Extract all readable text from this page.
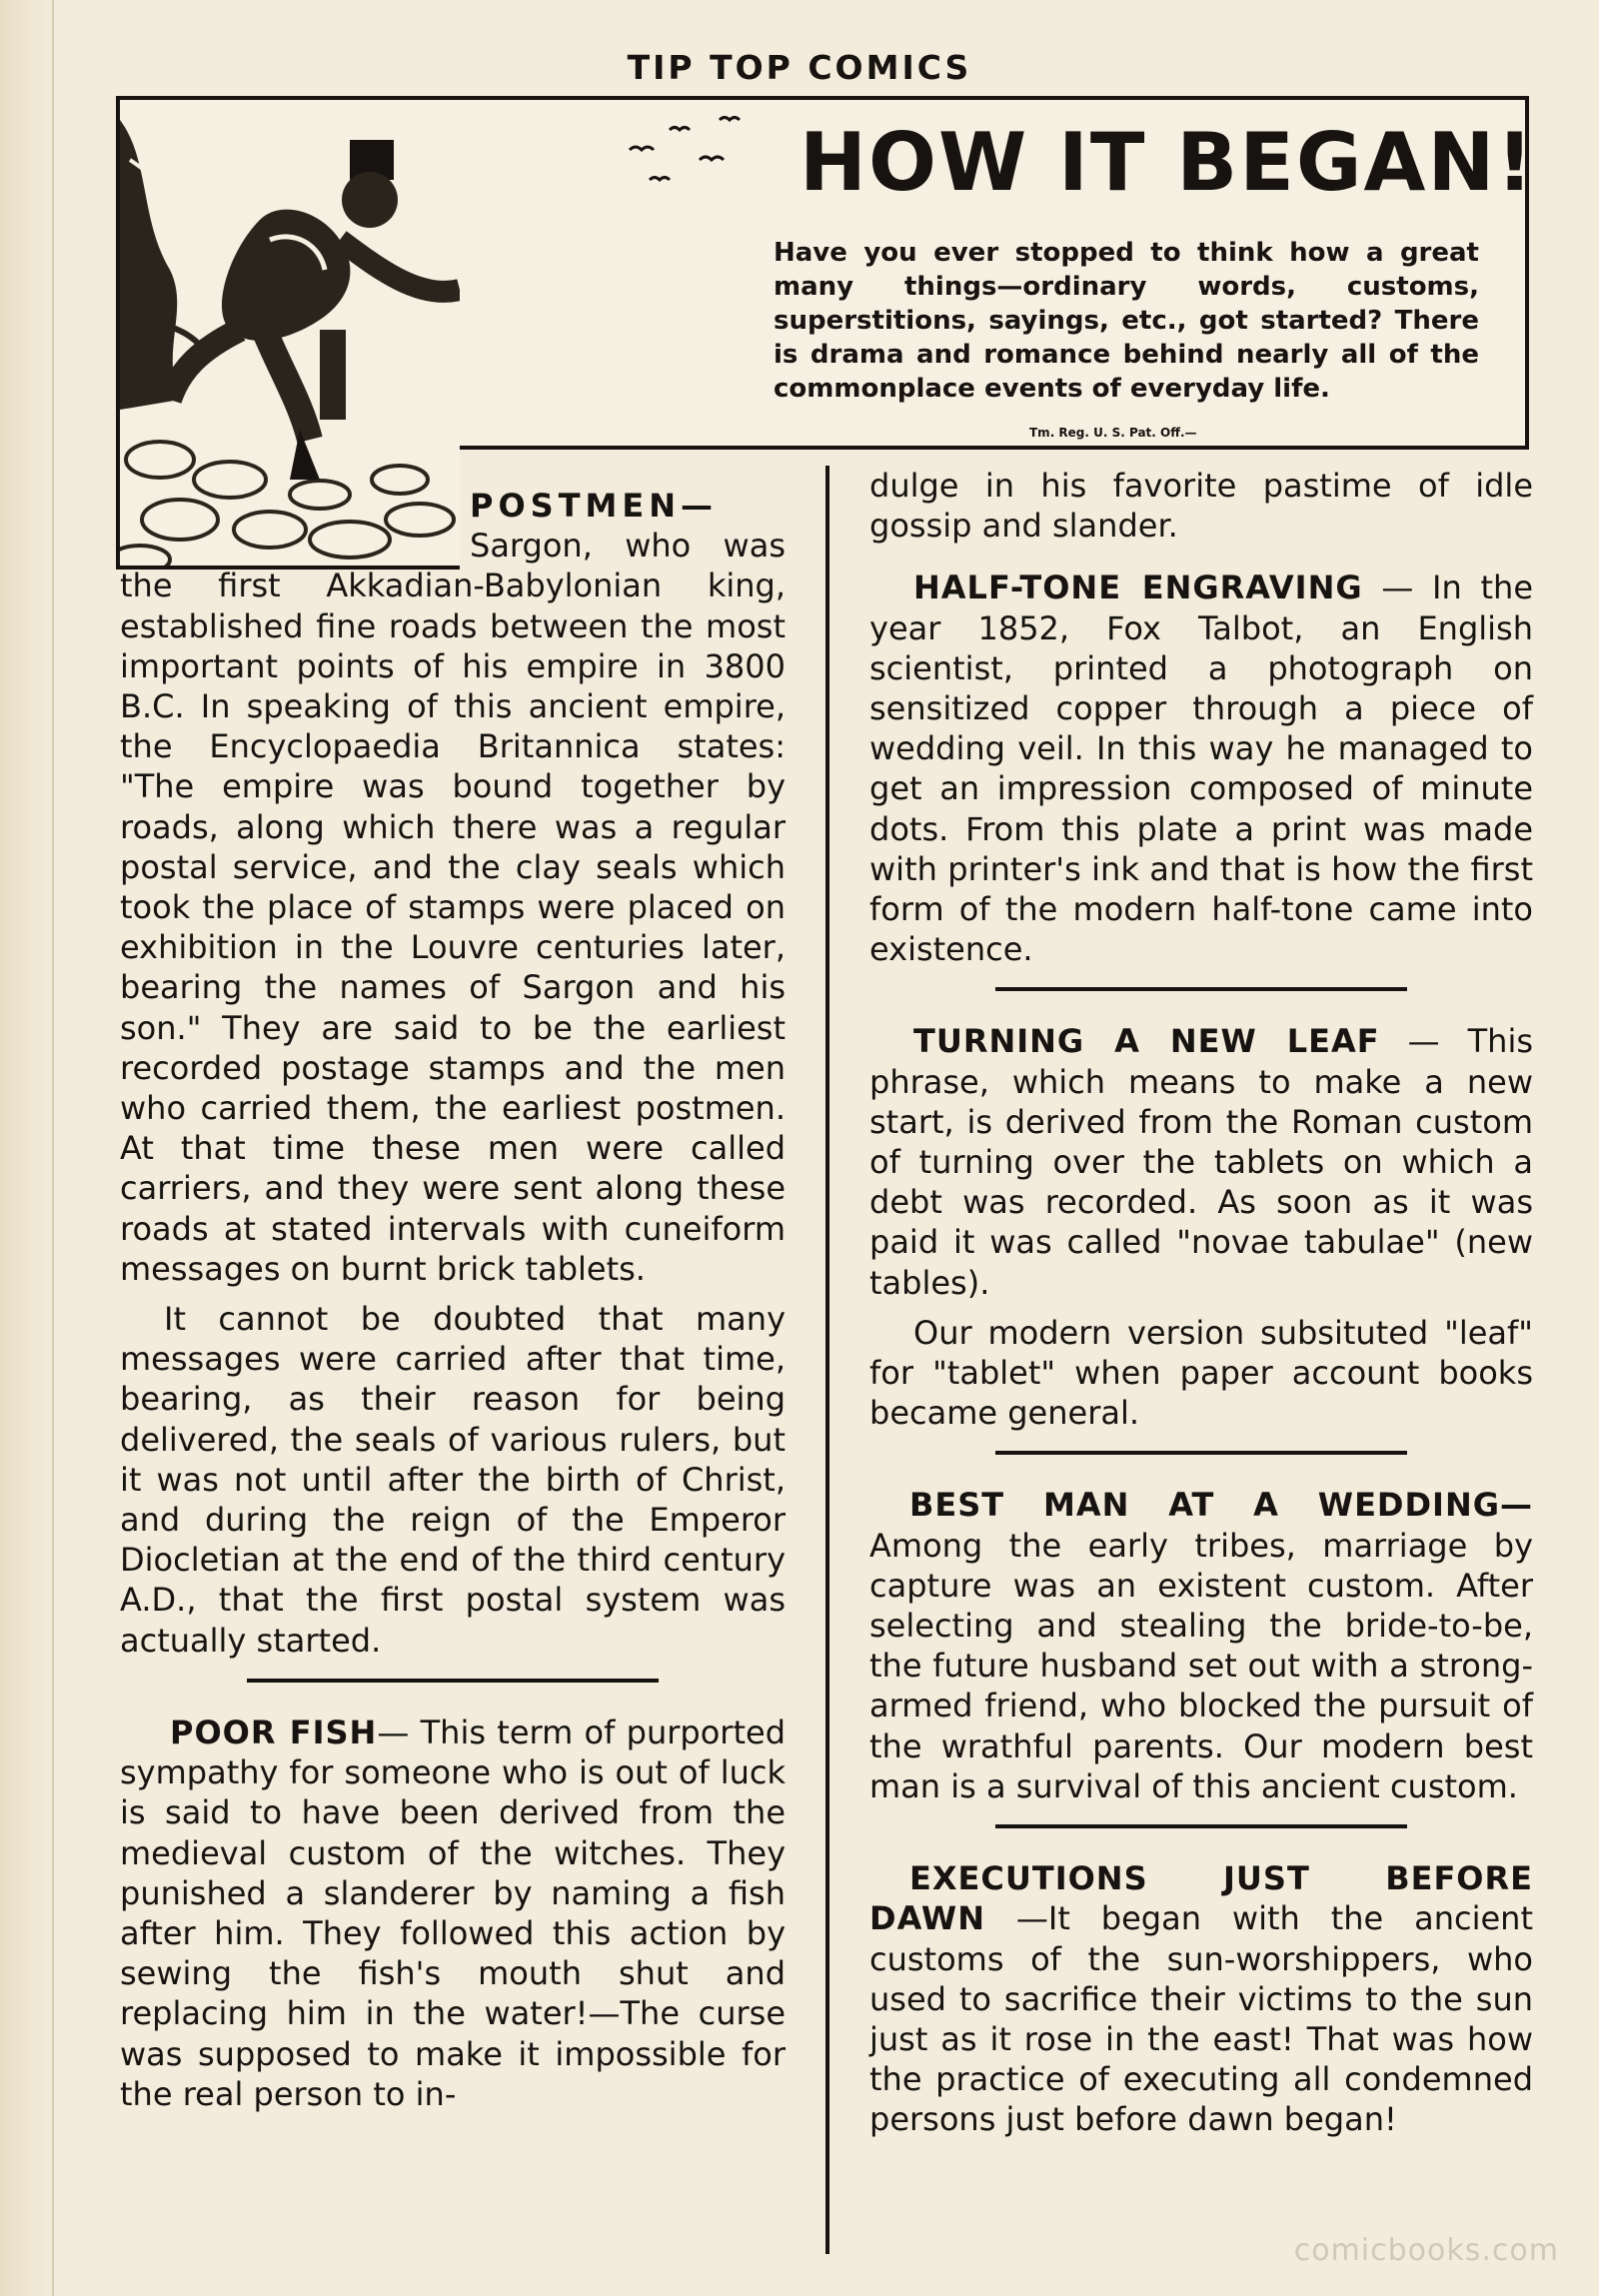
TIP TOP COMICS
HOW IT BEGAN!
Have you ever stopped to think how a great many things—ordinary words, customs, superstitions, sayings, etc., got started? There is drama and romance behind nearly all of the commonplace events of everyday life.
Tm. Reg. U. S. Pat. Off.—
POSTMEN—

Sargon, who was the first Akkadian-Babylonian king, established fine roads between the most important points of his empire in 3800 B.C. In speaking of this ancient empire, the Encyclopaedia Britannica states: "The empire was bound together by roads, along which there was a regular postal service, and the clay seals which took the place of stamps were placed on exhibition in the Louvre centuries later, bearing the names of Sargon and his son." They are said to be the earliest recorded postage stamps and the men who carried them, the earliest postmen. At that time these men were called carriers, and they were sent along these roads at stated intervals with cuneiform messages on burnt brick tablets.

It cannot be doubted that many messages were carried after that time, bearing, as their reason for being delivered, the seals of various rulers, but it was not until after the birth of Christ, and during the reign of the Emperor Diocletian at the end of the third century A.D., that the first postal system was actually started.

POOR FISH— This term of purported sympathy for someone who is out of luck is said to have been derived from the medieval custom of the witches. They punished a slanderer by naming a fish after him. They followed this action by sewing the fish's mouth shut and replacing him in the water!—The curse was supposed to make it impossible for the real person to in-

dulge in his favorite pastime of idle gossip and slander.

HALF-TONE ENGRAVING — In the year 1852, Fox Talbot, an English scientist, printed a photograph on sensitized copper through a piece of wedding veil. In this way he managed to get an impression composed of minute dots. From this plate a print was made with printer's ink and that is how the first form of the modern half-tone came into existence.

TURNING A NEW LEAF — This phrase, which means to make a new start, is derived from the Roman custom of turning over the tablets on which a debt was recorded. As soon as it was paid it was called "novae tabulae" (new tables).

Our modern version subsituted "leaf" for "tablet" when paper account books became general.

BEST MAN AT A WEDDING— Among the early tribes, marriage by capture was an existent custom. After selecting and stealing the bride-to-be, the future husband set out with a strong-armed friend, who blocked the pursuit of the wrathful parents. Our modern best man is a survival of this ancient custom.

EXECUTIONS JUST BEFORE DAWN —It began with the ancient customs of the sun-worshippers, who used to sacrifice their victims to the sun just as it rose in the east! That was how the practice of executing all condemned persons just before dawn began!

comicbooks.com
